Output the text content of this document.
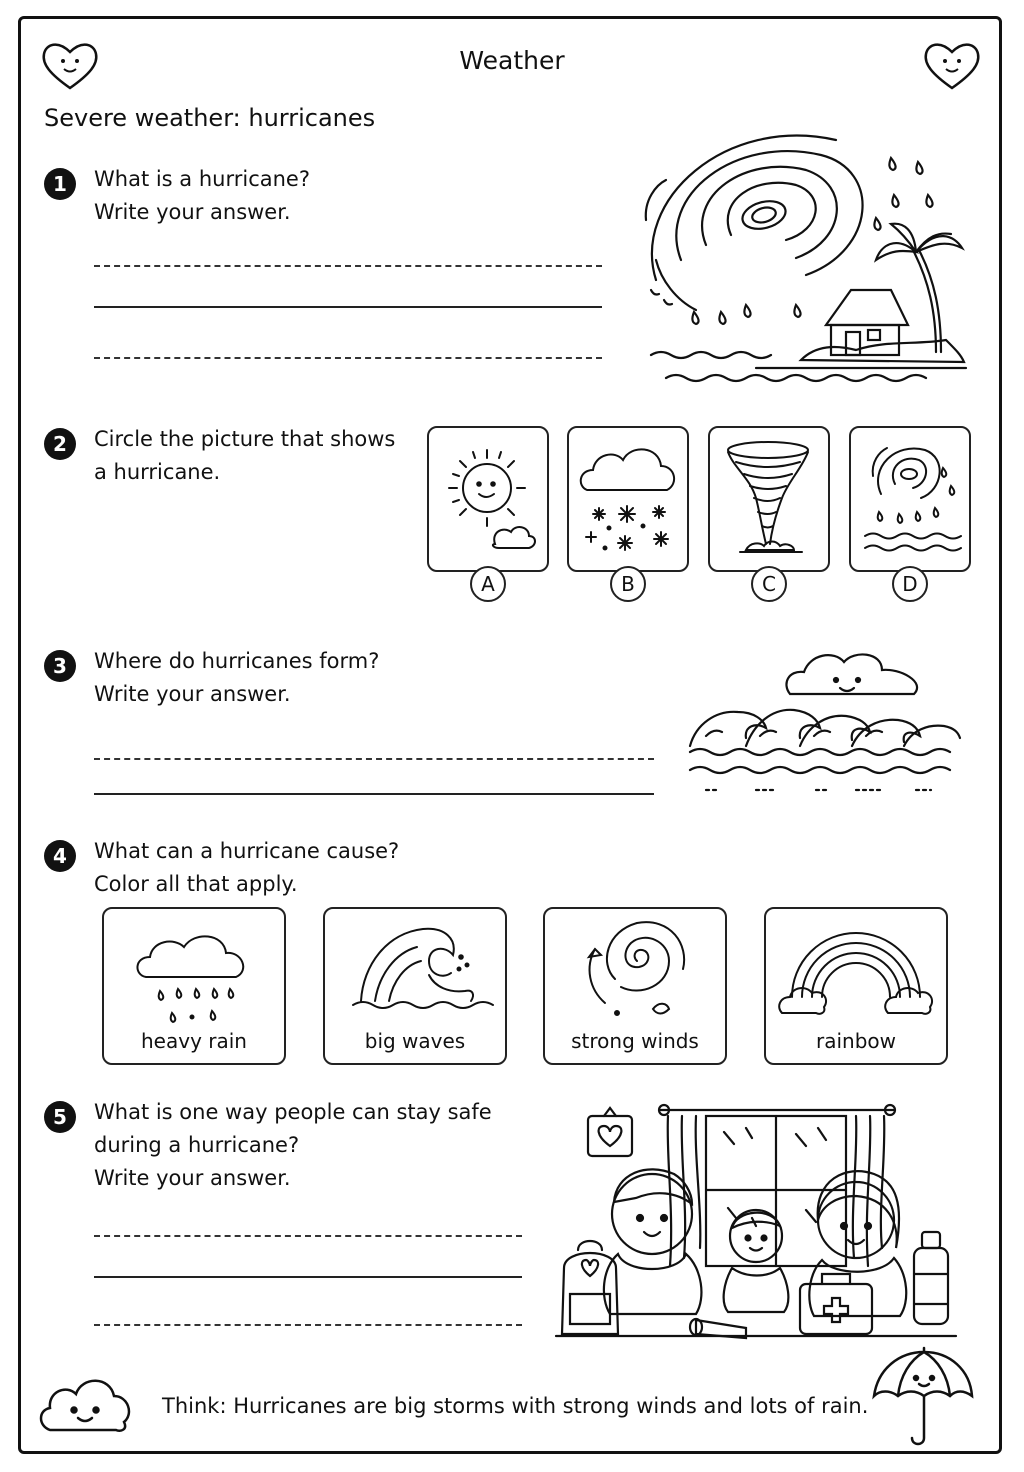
Weather
Severe weather: hurricanes
1	What is a hurricane?
Write your answer.
2	Circle the picture that shows
a hurricane.
A	B	C	D
3	Where do hurricanes form?
Write your answer.
4	What can a hurricane cause?
Color all that apply.
heavy rain	big waves	strong winds	rainbow
5	What is one way people can stay safe
during a hurricane?
Write your answer.
Think: Hurricanes are big storms with strong winds and lots of rain.
